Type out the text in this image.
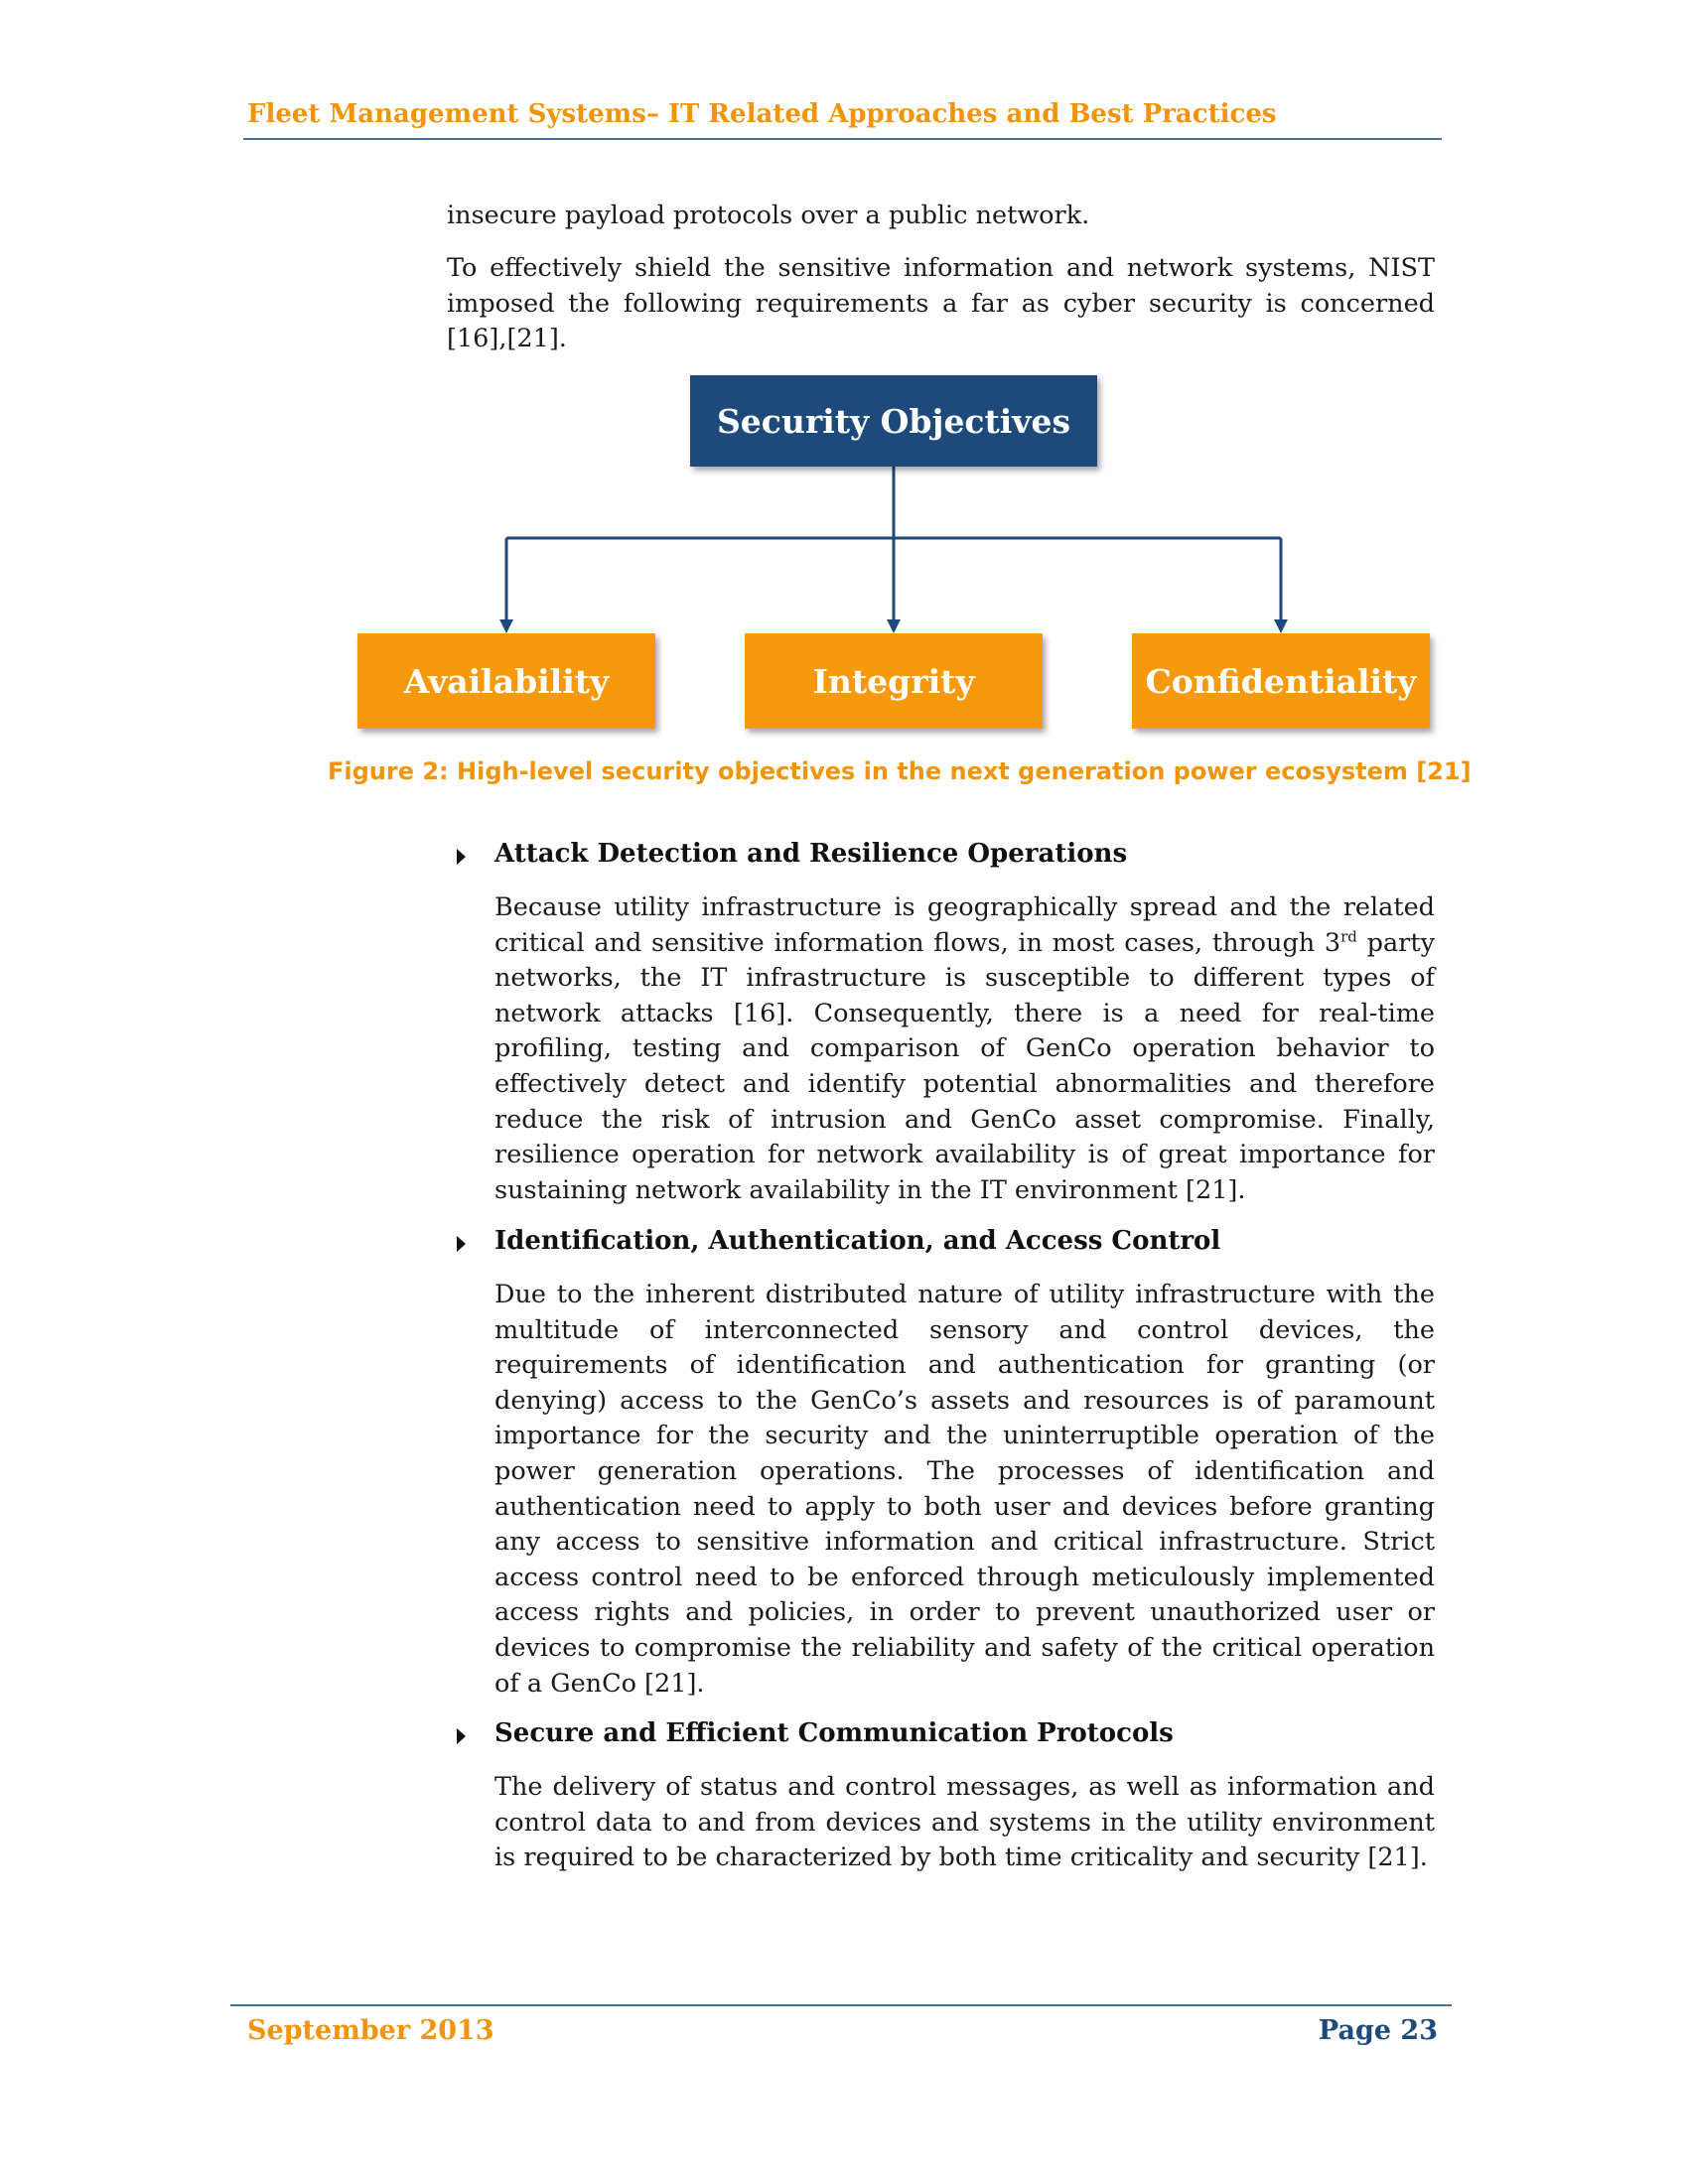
Fleet Management Systems– IT Related Approaches and Best Practices
insecure payload protocols over a public network.
To effectively shield the sensitive information and network systems, NIST imposed the following requirements a far as cyber security is concerned [16],[21].
Security Objectives
Availability	Integrity	Confidentiality
Figure 2: High-level security objectives in the next generation power ecosystem [21]
Attack Detection and Resilience Operations
Because utility infrastructure is geographically spread and the related critical and sensitive information flows, in most cases, through 3rd party networks, the IT infrastructure is susceptible to different types of network attacks [16]. Consequently, there is a need for real-time profiling, testing and comparison of GenCo operation behavior to effectively detect and identify potential abnormalities and therefore reduce the risk of intrusion and GenCo asset compromise. Finally, resilience operation for network availability is of great importance for sustaining network availability in the IT environment [21].
Identification, Authentication, and Access Control
Due to the inherent distributed nature of utility infrastructure with the multitude of interconnected sensory and control devices, the requirements of identification and authentication for granting (or denying) access to the GenCo’s assets and resources is of paramount importance for the security and the uninterruptible operation of the power generation operations. The processes of identification and authentication need to apply to both user and devices before granting any access to sensitive information and critical infrastructure. Strict access control need to be enforced through meticulously implemented access rights and policies, in order to prevent unauthorized user or devices to compromise the reliability and safety of the critical operation of a GenCo [21].
Secure and Efficient Communication Protocols
The delivery of status and control messages, as well as information and control data to and from devices and systems in the utility environment is required to be characterized by both time criticality and security [21].
September 2013	Page 23
